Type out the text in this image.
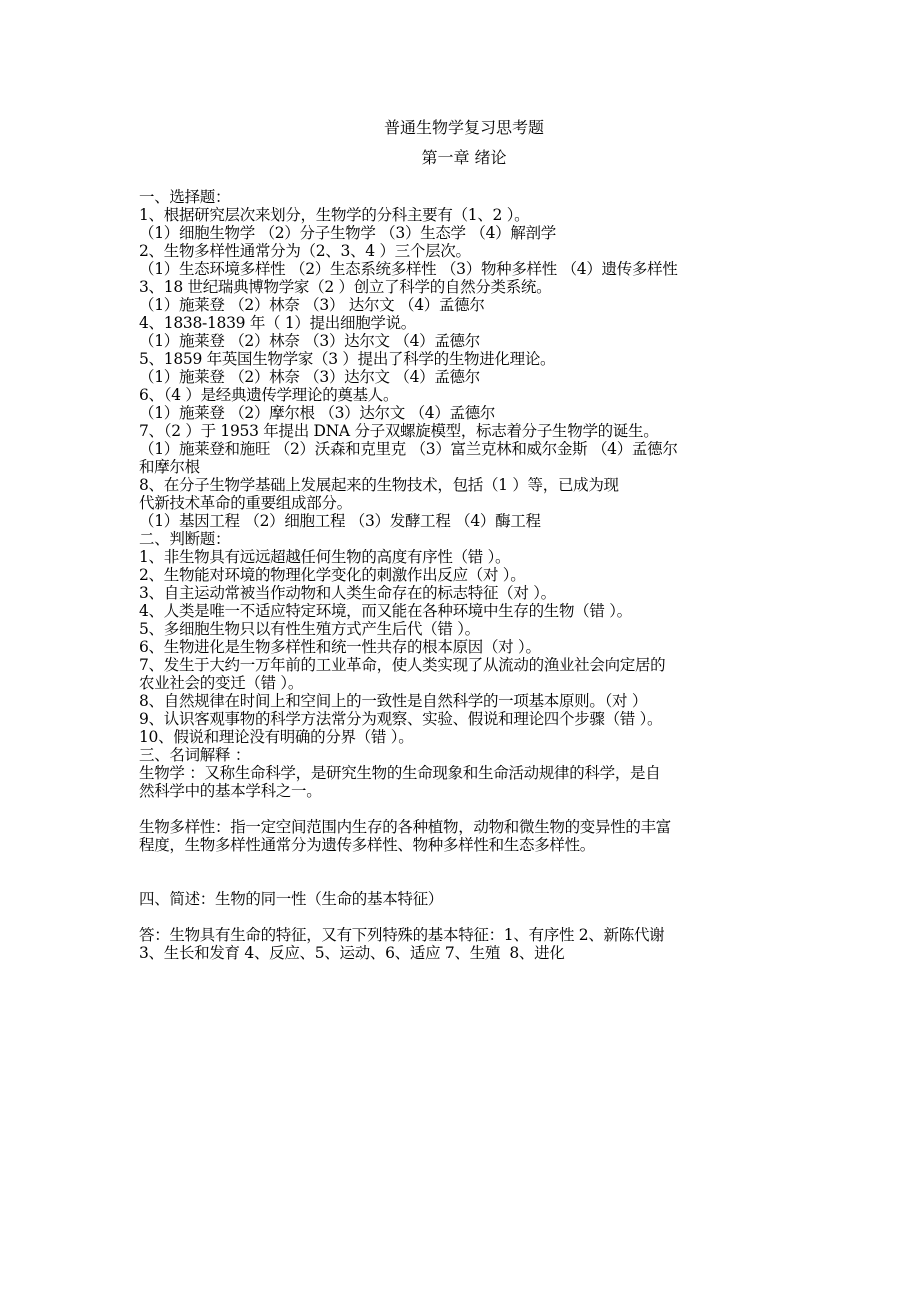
普通生物学复习思考题
第一章 绪论
一、选择题：
1、根据研究层次来划分，生物学的分科主要有（1、2 ）。
（1）细胞生物学 （2）分子生物学 （3）生态学 （4）解剖学
2、生物多样性通常分为（2、3、4 ）三个层次。
（1）生态环境多样性 （2）生态系统多样性 （3）物种多样性 （4）遗传多样性
3、18 世纪瑞典博物学家（2 ）创立了科学的自然分类系统。
（1）施莱登 （2）林奈 （3） 达尔文 （4）孟德尔
4、1838-1839 年（ 1）提出细胞学说。
（1）施莱登 （2）林奈 （3）达尔文 （4）孟德尔
5、1859 年英国生物学家（3 ）提出了科学的生物进化理论。
（1）施莱登 （2）林奈 （3）达尔文 （4）孟德尔
6、（4 ）是经典遗传学理论的奠基人。
（1）施莱登 （2）摩尔根 （3）达尔文 （4）孟德尔
7、（2 ）于 1953 年提出 DNA 分子双螺旋模型，标志着分子生物学的诞生。
（1）施莱登和施旺 （2）沃森和克里克 （3）富兰克林和威尔金斯 （4）孟德尔
和摩尔根
8、在分子生物学基础上发展起来的生物技术，包括（1 ）等，已成为现
代新技术革命的重要组成部分。
（1）基因工程 （2）细胞工程 （3）发酵工程 （4）酶工程
二、判断题：
1、非生物具有远远超越任何生物的高度有序性（错 ）。
2、生物能对环境的物理化学变化的刺激作出反应（对 ）。
3、自主运动常被当作动物和人类生命存在的标志特征（对 ）。
4、人类是唯一不适应特定环境，而又能在各种环境中生存的生物（错 ）。
5、多细胞生物只以有性生殖方式产生后代（错 ）。
6、生物进化是生物多样性和统一性共存的根本原因（对 ）。
7、发生于大约一万年前的工业革命，使人类实现了从流动的渔业社会向定居的
农业社会的变迁（错 ）。
8、自然规律在时间上和空间上的一致性是自然科学的一项基本原则。（对 ）
9、认识客观事物的科学方法常分为观察、实验、假说和理论四个步骤（错 ）。
10、假说和理论没有明确的分界（错 ）。
三、名词解释 ：
生物学 ：又称生命科学，是研究生物的生命现象和生命活动规律的科学，是自
然科学中的基本学科之一。
生物多样性：指一定空间范围内生存的各种植物，动物和微生物的变异性的丰富
程度，生物多样性通常分为遗传多样性、物种多样性和生态多样性。
四、简述：生物的同一性（生命的基本特征）
答：生物具有生命的特征，又有下列特殊的基本特征：1、有序性 2、新陈代谢
3、生长和发育 4、反应、5、运动、6、适应 7、生殖  8、进化
